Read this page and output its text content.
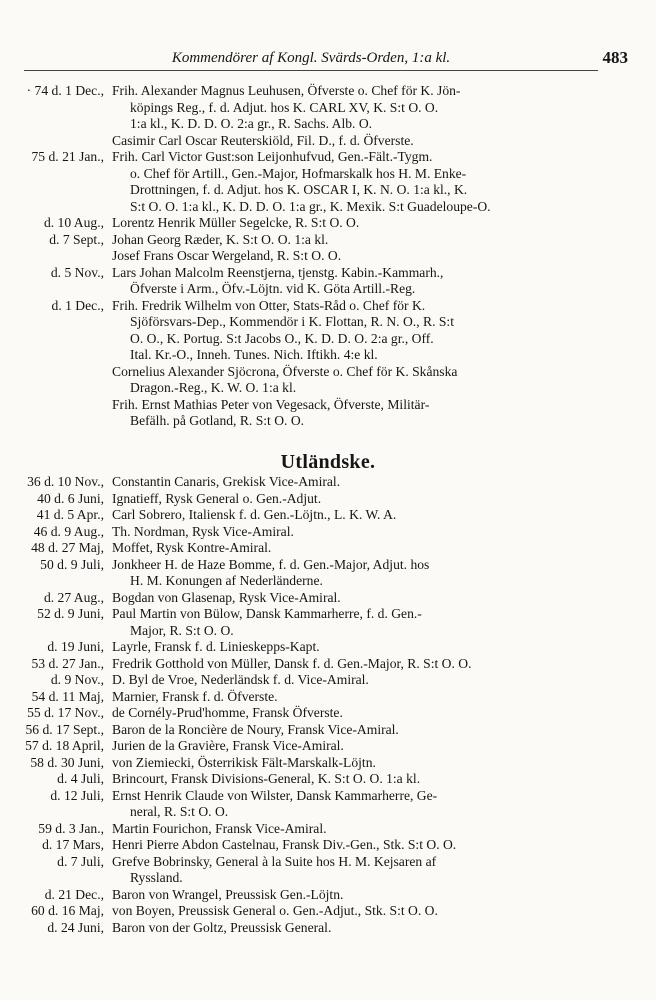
Kommendörer af Kongl. Svärds-Orden, 1:a kl.	483
· 74 d. 1 Dec., Frih. Alexander Magnus Leuhusen, Öfverste o. Chef för K. Jön-
köpings Reg., f. d. Adjut. hos K. CARL XV, K. S:t O. O.
1:a kl., K. D. D. O. 2:a gr., R. Sachs. Alb. O.
Casimir Carl Oscar Reuterskiöld, Fil. D., f. d. Öfverste.
75 d. 21 Jan., Frih. Carl Victor Gust:son Leijonhufvud, Gen.-Fält.-Tygm.
o. Chef för Artill., Gen.-Major, Hofmarskalk hos H. M. Enke-
Drottningen, f. d. Adjut. hos K. OSCAR I, K. N. O. 1:a kl., K.
S:t O. O. 1:a kl., K. D. D. O. 1:a gr., K. Mexik. S:t Guadeloupe-O.
d. 10 Aug., Lorentz Henrik Müller Segelcke, R. S:t O. O.
d. 7 Sept., Johan Georg Ræder, K. S:t O. O. 1:a kl.
Josef Frans Oscar Wergeland, R. S:t O. O.
d. 5 Nov., Lars Johan Malcolm Reenstjerna, tjenstg. Kabin.-Kammarh.,
Öfverste i Arm., Öfv.-Löjtn. vid K. Göta Artill.-Reg.
d. 1 Dec., Frih. Fredrik Wilhelm von Otter, Stats-Råd o. Chef för K.
Sjöförsvars-Dep., Kommendör i K. Flottan, R. N. O., R. S:t
O. O., K. Portug. S:t Jacobs O., K. D. D. O. 2:a gr., Off.
Ital. Kr.-O., Inneh. Tunes. Nich. Iftikh. 4:e kl.
Cornelius Alexander Sjöcrona, Öfverste o. Chef för K. Skånska
Dragon.-Reg., K. W. O. 1:a kl.
Frih. Ernst Mathias Peter von Vegesack, Öfverste, Militär-
Befälh. på Gotland, R. S:t O. O.
36 d. 10 Nov., Constantin Canaris, Grekisk Vice-Amiral.
40 d. 6 Juni, Ignatieff, Rysk General o. Gen.-Adjut.
41 d. 5 Apr., Carl Sobrero, Italiensk f. d. Gen.-Löjtn., L. K. W. A.
46 d. 9 Aug., Th. Nordman, Rysk Vice-Amiral.
48 d. 27 Maj, Moffet, Rysk Kontre-Amiral.
50 d. 9 Juli, Jonkheer H. de Haze Bomme, f. d. Gen.-Major, Adjut. hos
H. M. Konungen af Nederländerne.
d. 27 Aug., Bogdan von Glasenap, Rysk Vice-Amiral.
52 d. 9 Juni, Paul Martin von Bülow, Dansk Kammarherre, f. d. Gen.-
Major, R. S:t O. O.
d. 19 Juni, Layrle, Fransk f. d. Linieskepps-Kapt.
53 d. 27 Jan., Fredrik Gotthold von Müller, Dansk f. d. Gen.-Major, R. S:t O. O.
d. 9 Nov., D. Byl de Vroe, Nederländsk f. d. Vice-Amiral.
54 d. 11 Maj, Marnier, Fransk f. d. Öfverste.
55 d. 17 Nov., de Cornély-Prud'homme, Fransk Öfverste.
56 d. 17 Sept., Baron de la Roncière de Noury, Fransk Vice-Amiral.
57 d. 18 April, Jurien de la Gravière, Fransk Vice-Amiral.
58 d. 30 Juni, von Ziemiecki, Österrikisk Fält-Marskalk-Löjtn.
d. 4 Juli, Brincourt, Fransk Divisions-General, K. S:t O. O. 1:a kl.
d. 12 Juli, Ernst Henrik Claude von Wilster, Dansk Kammarherre, Ge-
neral, R. S:t O. O.
59 d. 3 Jan., Martin Fourichon, Fransk Vice-Amiral.
d. 17 Mars, Henri Pierre Abdon Castelnau, Fransk Div.-Gen., Stk. S:t O. O.
d. 7 Juli, Grefve Bobrinsky, General à la Suite hos H. M. Kejsaren af
Ryssland.
d. 21 Dec., Baron von Wrangel, Preussisk Gen.-Löjtn.
60 d. 16 Maj, von Boyen, Preussisk General o. Gen.-Adjut., Stk. S:t O. O.
d. 24 Juni, Baron von der Goltz, Preussisk General.
Utländske.
